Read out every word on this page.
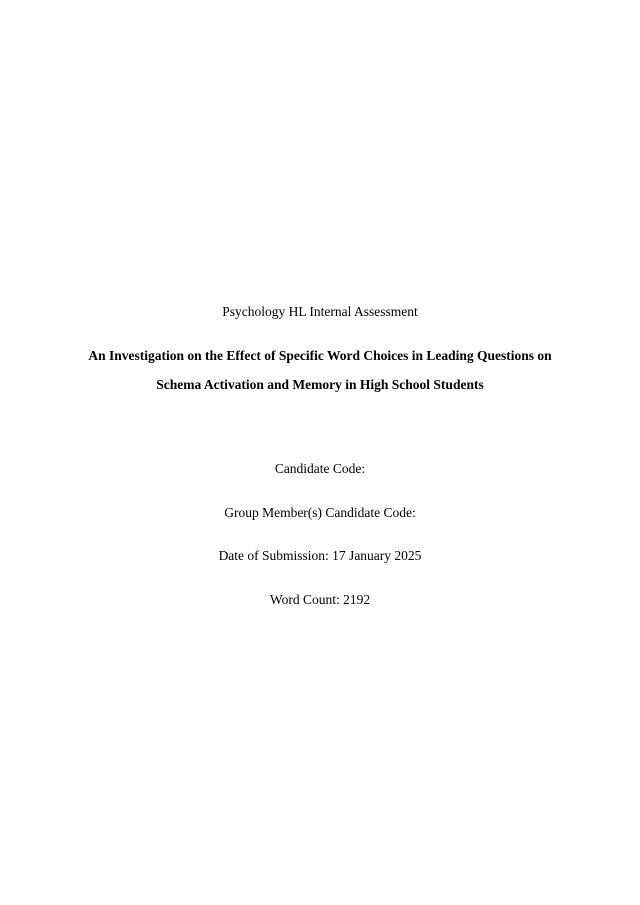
Psychology HL Internal Assessment
An Investigation on the Effect of Specific Word Choices in Leading Questions on
Schema Activation and Memory in High School Students
Candidate Code:
Group Member(s) Candidate Code:
Date of Submission: 17 January 2025
Word Count: 2192
